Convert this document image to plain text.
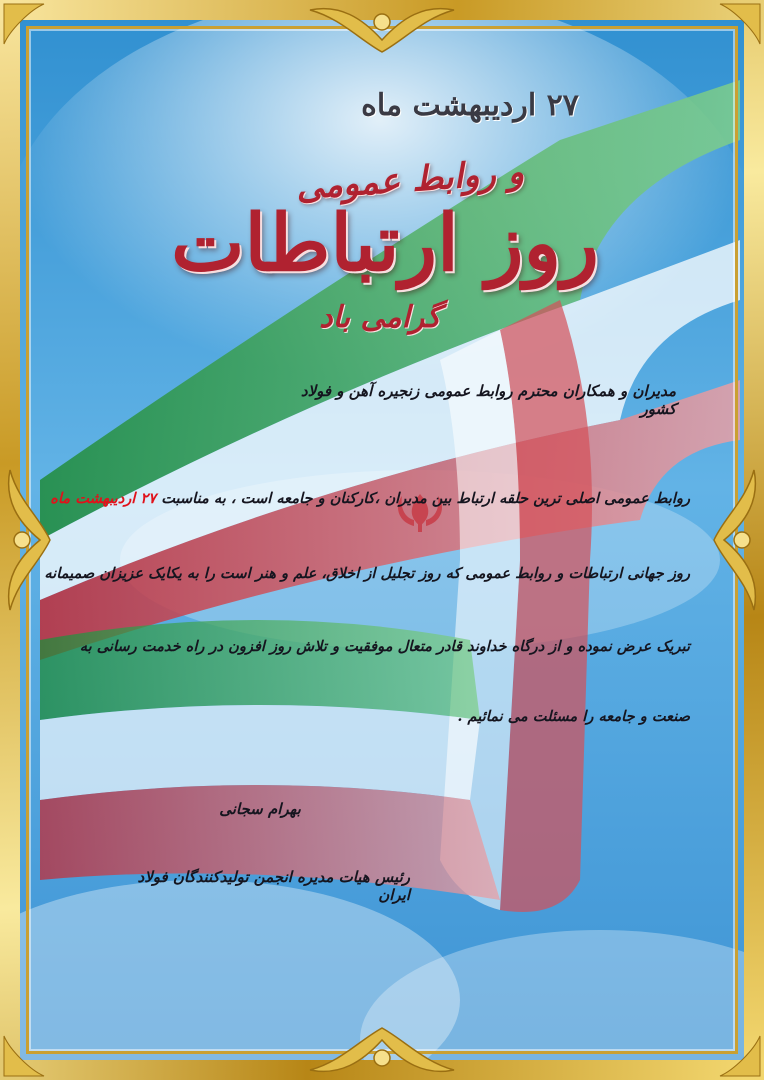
۲۷ اردیبهشت ماه
و روابط عمومی
روز ارتباطات
گرامی باد
مدیران و همکاران محترم روابط عمومی زنجیره آهن و فولاد کشور
روابط عمومی اصلی ترین حلقه ارتباط بین مدیران ،کارکنان و جامعه است ، به مناسبت ۲۷ اردیبهشت ماه
روز جهانی ارتباطات و روابط عمومی که روز تجلیل از اخلاق، علم و هنر است را به یکایک عزیزان صمیمانه
تبریک عرض نموده و از درگاه خداوند قادر متعال موفقیت و تلاش روز افزون در راه خدمت رسانی به
صنعت و جامعه را مسئلت می نمائیم .
بهرام سجانی
رئیس هیات مدیره انجمن تولیدکنندگان فولاد ایران
